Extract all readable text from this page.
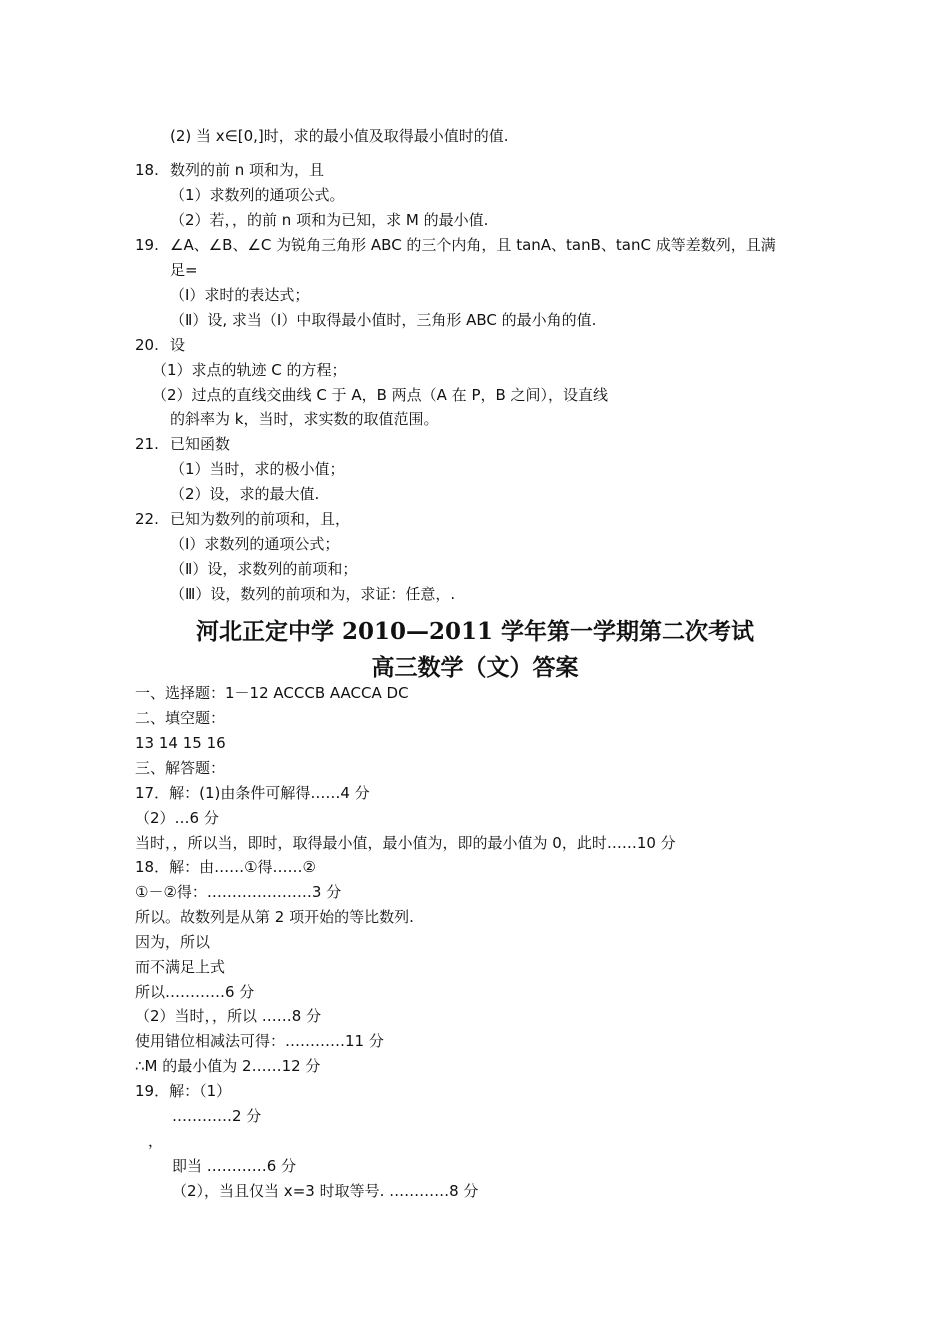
(2) 当 x∈[0,]时，求的最小值及取得最小值时的值.
18. 数列的前 n 项和为，且
（1）求数列的通项公式。
（2）若，，的前 n 项和为已知，求 M 的最小值.
19. ∠A、∠B、∠C 为锐角三角形 ABC 的三个内角，且 tanA、tanB、tanC 成等差数列，且满
足=
（Ⅰ）求时的表达式；
（Ⅱ）设, 求当（Ⅰ）中取得最小值时，三角形 ABC 的最小角的值.
20. 设
（1）求点的轨迹 C 的方程；
（2）过点的直线交曲线 C 于 A，B 两点（A 在 P，B 之间），设直线
的斜率为 k，当时，求实数的取值范围。
21. 已知函数
（1）当时，求的极小值；
（2）设，求的最大值.
22. 已知为数列的前项和，且，
（Ⅰ）求数列的通项公式；
（Ⅱ）设，求数列的前项和；
（Ⅲ）设，数列的前项和为，求证：任意，.
河北正定中学 2010—2011 学年第一学期第二次考试
高三数学（文）答案
一、选择题：1－12 ACCCB AACCA DC
二、填空题：
13 14 15 16
三、解答题：
17．解：(1)由条件可解得……4 分
（2）…6 分
当时，，所以当，即时，取得最小值，最小值为，即的最小值为 0，此时……10 分
18．解：由……①得……②
①－②得：…………………3 分
所以。故数列是从第 2 项开始的等比数列.
因为，所以
而不满足上式
所以…………6 分
（2）当时，，所以 ……8 分
使用错位相减法可得：…………11 分
∴M 的最小值为 2……12 分
19．解：（1）
…………2 分
，
即当 …………6 分
（2），当且仅当 x=3 时取等号. …………8 分
